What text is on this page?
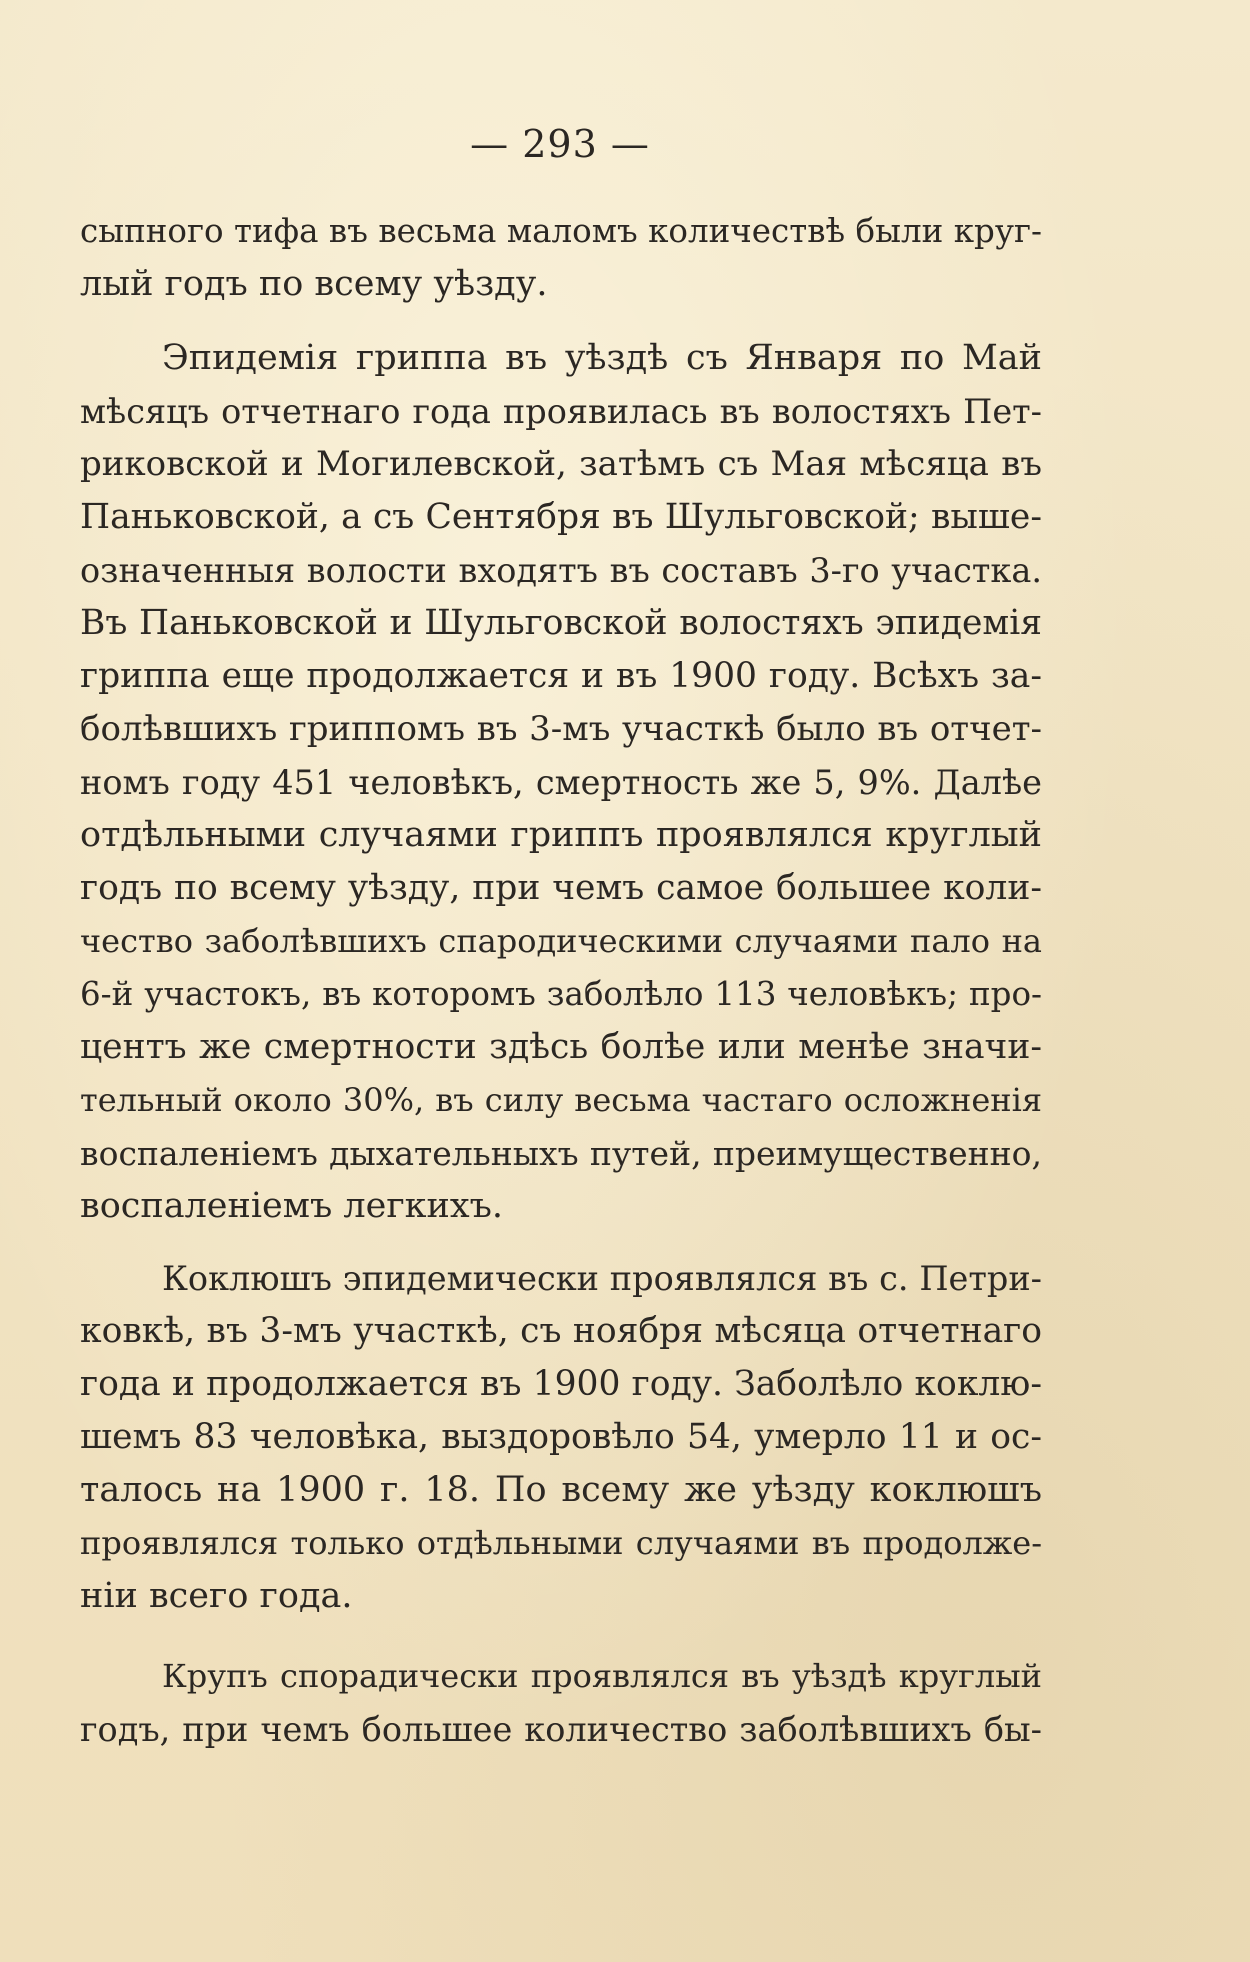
— 293 —
сыпного тифа въ весьма маломъ количествѣ были круг-
лый годъ по всему уѣзду.
Эпидемія гриппа въ уѣздѣ съ Января по Май
мѣсяцъ отчетнаго года проявилась въ волостяхъ Пет-
риковской и Могилевской, затѣмъ съ Мая мѣсяца въ
Паньковской, а съ Сентября въ Шульговской; выше-
означенныя волости входятъ въ составъ 3-го участка.
Въ Паньковской и Шульговской волостяхъ эпидемія
гриппа еще продолжается и въ 1900 году. Всѣхъ за-
болѣвшихъ гриппомъ въ 3-мъ участкѣ было въ отчет-
номъ году 451 человѣкъ, смертность же 5, 9%. Далѣе
отдѣльными случаями гриппъ проявлялся круглый
годъ по всему уѣзду, при чемъ самое большее коли-
чество заболѣвшихъ спародическими случаями пало на
6-й участокъ, въ которомъ заболѣло 113 человѣкъ; про-
центъ же смертности здѣсь болѣе или менѣе значи-
тельный около 30%, въ силу весьма частаго осложненія
воспаленіемъ дыхательныхъ путей, преимущественно,
воспаленіемъ легкихъ.
Коклюшъ эпидемически проявлялся въ с. Петри-
ковкѣ, въ 3-мъ участкѣ, съ ноября мѣсяца отчетнаго
года и продолжается въ 1900 году. Заболѣло коклю-
шемъ 83 человѣка, выздоровѣло 54, умерло 11 и ос-
талось на 1900 г. 18. По всему же уѣзду коклюшъ
проявлялся только отдѣльными случаями въ продолже-
ніи всего года.
Крупъ спорадически проявлялся въ уѣздѣ круглый
годъ, при чемъ большее количество заболѣвшихъ бы-
